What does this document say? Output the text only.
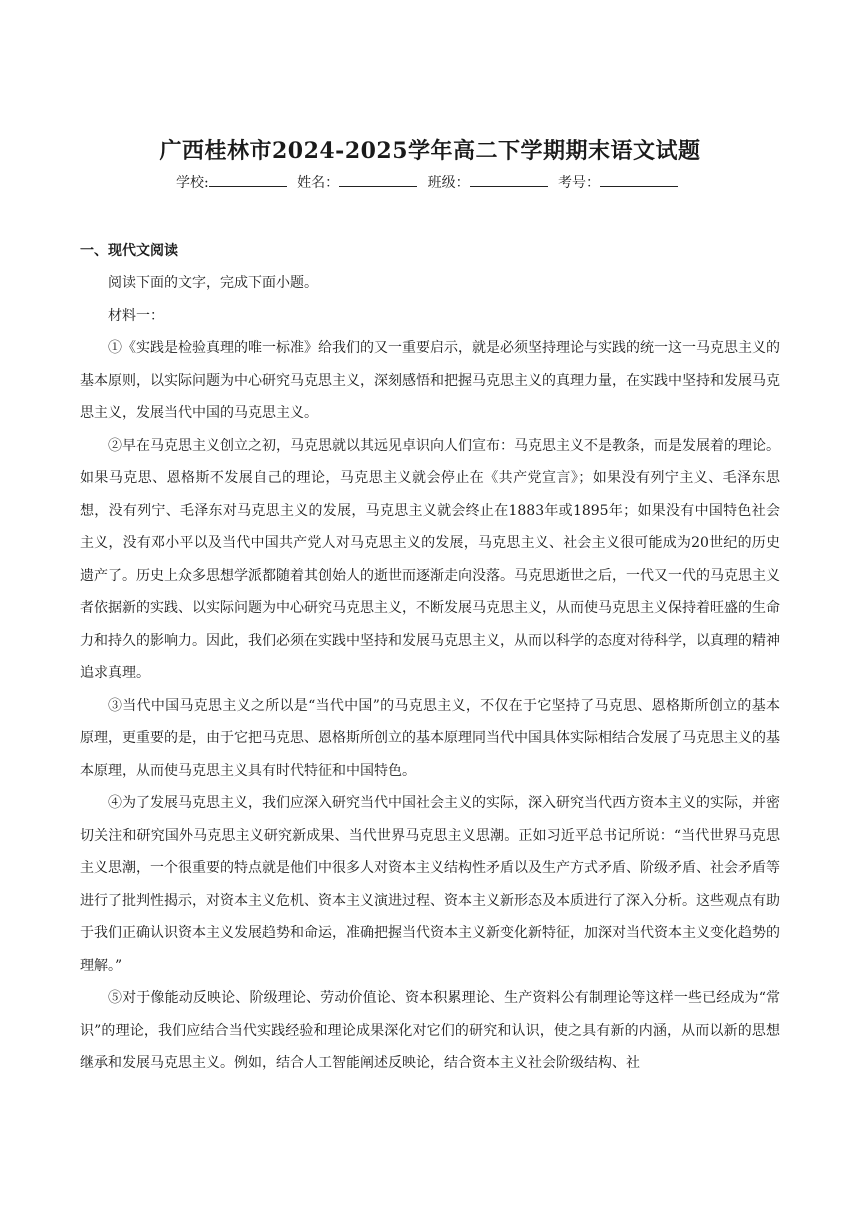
广西桂林市2024-2025学年高二下学期期末语文试题
学校:	姓名：	班级：	考号：
一、现代文阅读

阅读下面的文字，完成下面小题。

材料一：

①《实践是检验真理的唯一标准》给我们的又一重要启示，就是必须坚持理论与实践的统一这一马克思主义的基本原则，以实际问题为中心研究马克思主义，深刻感悟和把握马克思主义的真理力量，在实践中坚持和发展马克思主义，发展当代中国的马克思主义。

②早在马克思主义创立之初，马克思就以其远见卓识向人们宣布：马克思主义不是教条，而是发展着的理论。如果马克思、恩格斯不发展自己的理论，马克思主义就会停止在《共产党宣言》；如果没有列宁主义、毛泽东思想，没有列宁、毛泽东对马克思主义的发展，马克思主义就会终止在1883年或1895年；如果没有中国特色社会主义，没有邓小平以及当代中国共产党人对马克思主义的发展，马克思主义、社会主义很可能成为20世纪的历史遗产了。历史上众多思想学派都随着其创始人的逝世而逐渐走向没落。马克思逝世之后，一代又一代的马克思主义者依据新的实践、以实际问题为中心研究马克思主义，不断发展马克思主义，从而使马克思主义保持着旺盛的生命力和持久的影响力。因此，我们必须在实践中坚持和发展马克思主义，从而以科学的态度对待科学，以真理的精神追求真理。

③当代中国马克思主义之所以是“当代中国”的马克思主义，不仅在于它坚持了马克思、恩格斯所创立的基本原理，更重要的是，由于它把马克思、恩格斯所创立的基本原理同当代中国具体实际相结合发展了马克思主义的基本原理，从而使马克思主义具有时代特征和中国特色。

④为了发展马克思主义，我们应深入研究当代中国社会主义的实际，深入研究当代西方资本主义的实际，并密切关注和研究国外马克思主义研究新成果、当代世界马克思主义思潮。正如习近平总书记所说：“当代世界马克思主义思潮，一个很重要的特点就是他们中很多人对资本主义结构性矛盾以及生产方式矛盾、阶级矛盾、社会矛盾等进行了批判性揭示，对资本主义危机、资本主义演进过程、资本主义新形态及本质进行了深入分析。这些观点有助于我们正确认识资本主义发展趋势和命运，准确把握当代资本主义新变化新特征，加深对当代资本主义变化趋势的理解。”

⑤对于像能动反映论、阶级理论、劳动价值论、资本积累理论、生产资料公有制理论等这样一些已经成为“常识”的理论，我们应结合当代实践经验和理论成果深化对它们的研究和认识，使之具有新的内涵，从而以新的思想继承和发展马克思主义。例如，结合人工智能阐述反映论，结合资本主义社会阶级结构、社
